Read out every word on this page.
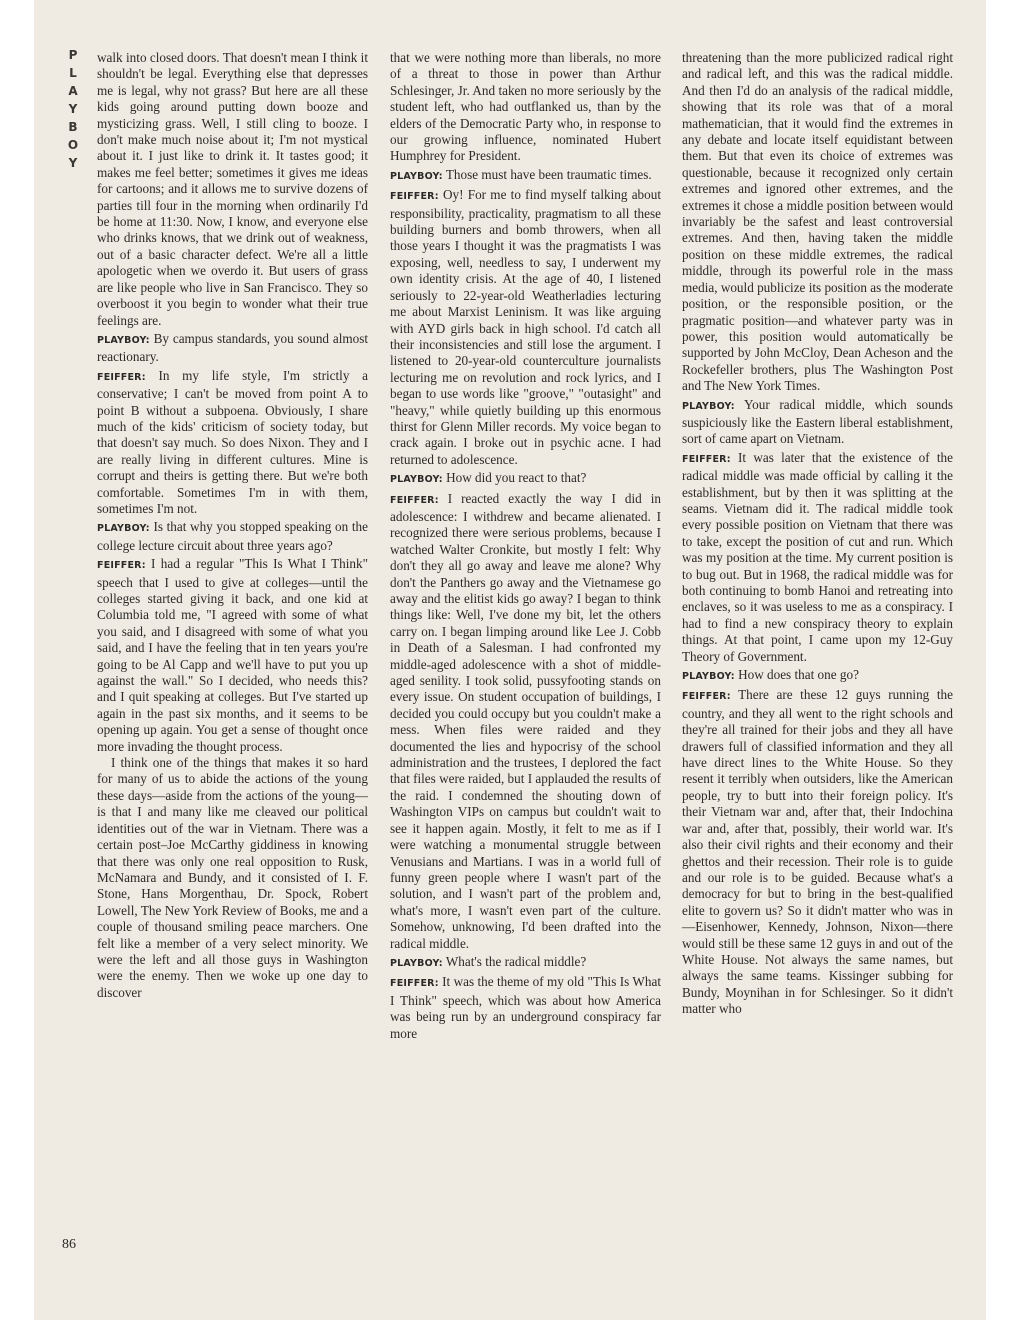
P
L
A
Y
B
O
Y
86

walk into closed doors. That doesn't mean I think it shouldn't be legal. Everything else that depresses me is legal, why not grass? But here are all these kids going around putting down booze and mysticizing grass. Well, I still cling to booze. I don't make much noise about it; I'm not mystical about it. I just like to drink it. It tastes good; it makes me feel better; sometimes it gives me ideas for cartoons; and it allows me to survive dozens of parties till four in the morning when ordinarily I'd be home at 11:30. Now, I know, and everyone else who drinks knows, that we drink out of weakness, out of a basic character defect. We're all a little apologetic when we overdo it. But users of grass are like people who live in San Francisco. They so overboost it you begin to wonder what their true feelings are.

PLAYBOY: By campus standards, you sound almost reactionary.

FEIFFER: In my life style, I'm strictly a conservative; I can't be moved from point A to point B without a subpoena. Obviously, I share much of the kids' criticism of society today, but that doesn't say much. So does Nixon. They and I are really living in different cultures. Mine is corrupt and theirs is getting there. But we're both comfortable. Sometimes I'm in with them, sometimes I'm not.

PLAYBOY: Is that why you stopped speaking on the college lecture circuit about three years ago?

FEIFFER: I had a regular "This Is What I Think" speech that I used to give at colleges—until the colleges started giving it back, and one kid at Columbia told me, "I agreed with some of what you said, and I disagreed with some of what you said, and I have the feeling that in ten years you're going to be Al Capp and we'll have to put you up against the wall." So I decided, who needs this? and I quit speaking at colleges. But I've started up again in the past six months, and it seems to be opening up again. You get a sense of thought once more invading the thought process.

I think one of the things that makes it so hard for many of us to abide the actions of the young these days—aside from the actions of the young—is that I and many like me cleaved our political identities out of the war in Vietnam. There was a certain post–Joe McCarthy giddiness in knowing that there was only one real opposition to Rusk, McNamara and Bundy, and it consisted of I. F. Stone, Hans Morgenthau, Dr. Spock, Robert Lowell, The New York Review of Books, me and a couple of thousand smiling peace marchers. One felt like a member of a very select minority. We were the left and all those guys in Washington were the enemy. Then we woke up one day to discover

that we were nothing more than liberals, no more of a threat to those in power than Arthur Schlesinger, Jr. And taken no more seriously by the student left, who had outflanked us, than by the elders of the Democratic Party who, in response to our growing influence, nominated Hubert Humphrey for President.

PLAYBOY: Those must have been traumatic times.

FEIFFER: Oy! For me to find myself talking about responsibility, practicality, pragmatism to all these building burners and bomb throwers, when all those years I thought it was the pragmatists I was exposing, well, needless to say, I underwent my own identity crisis. At the age of 40, I listened seriously to 22-year-old Weatherladies lecturing me about Marxist Leninism. It was like arguing with AYD girls back in high school. I'd catch all their inconsistencies and still lose the argument. I listened to 20-year-old counterculture journalists lecturing me on revolution and rock lyrics, and I began to use words like "groove," "outasight" and "heavy," while quietly building up this enormous thirst for Glenn Miller records. My voice began to crack again. I broke out in psychic acne. I had returned to adolescence.

PLAYBOY: How did you react to that?

FEIFFER: I reacted exactly the way I did in adolescence: I withdrew and became alienated. I recognized there were serious problems, because I watched Walter Cronkite, but mostly I felt: Why don't they all go away and leave me alone? Why don't the Panthers go away and the Vietnamese go away and the elitist kids go away? I began to think things like: Well, I've done my bit, let the others carry on. I began limping around like Lee J. Cobb in Death of a Salesman. I had confronted my middle-aged adolescence with a shot of middle-aged senility. I took solid, pussyfooting stands on every issue. On student occupation of buildings, I decided you could occupy but you couldn't make a mess. When files were raided and they documented the lies and hypocrisy of the school administration and the trustees, I deplored the fact that files were raided, but I applauded the results of the raid. I condemned the shouting down of Washington VIPs on campus but couldn't wait to see it happen again. Mostly, it felt to me as if I were watching a monumental struggle between Venusians and Martians. I was in a world full of funny green people where I wasn't part of the solution, and I wasn't part of the problem and, what's more, I wasn't even part of the culture. Somehow, unknowing, I'd been drafted into the radical middle.

PLAYBOY: What's the radical middle?

FEIFFER: It was the theme of my old "This Is What I Think" speech, which was about how America was being run by an underground conspiracy far more

threatening than the more publicized radical right and radical left, and this was the radical middle. And then I'd do an analysis of the radical middle, showing that its role was that of a moral mathematician, that it would find the extremes in any debate and locate itself equidistant between them. But that even its choice of extremes was questionable, because it recognized only certain extremes and ignored other extremes, and the extremes it chose a middle position between would invariably be the safest and least controversial extremes. And then, having taken the middle position on these middle extremes, the radical middle, through its powerful role in the mass media, would publicize its position as the moderate position, or the responsible position, or the pragmatic position—and whatever party was in power, this position would automatically be supported by John McCloy, Dean Acheson and the Rockefeller brothers, plus The Washington Post and The New York Times.

PLAYBOY: Your radical middle, which sounds suspiciously like the Eastern liberal establishment, sort of came apart on Vietnam.

FEIFFER: It was later that the existence of the radical middle was made official by calling it the establishment, but by then it was splitting at the seams. Vietnam did it. The radical middle took every possible position on Vietnam that there was to take, except the position of cut and run. Which was my position at the time. My current position is to bug out. But in 1968, the radical middle was for both continuing to bomb Hanoi and retreating into enclaves, so it was useless to me as a conspiracy. I had to find a new conspiracy theory to explain things. At that point, I came upon my 12-Guy Theory of Government.

PLAYBOY: How does that one go?

FEIFFER: There are these 12 guys running the country, and they all went to the right schools and they're all trained for their jobs and they all have drawers full of classified information and they all have direct lines to the White House. So they resent it terribly when outsiders, like the American people, try to butt into their foreign policy. It's their Vietnam war and, after that, their Indochina war and, after that, possibly, their world war. It's also their civil rights and their economy and their ghettos and their recession. Their role is to guide and our role is to be guided. Because what's a democracy for but to bring in the best-qualified elite to govern us? So it didn't matter who was in—Eisenhower, Kennedy, Johnson, Nixon—there would still be these same 12 guys in and out of the White House. Not always the same names, but always the same teams. Kissinger subbing for Bundy, Moynihan in for Schlesinger. So it didn't matter who
